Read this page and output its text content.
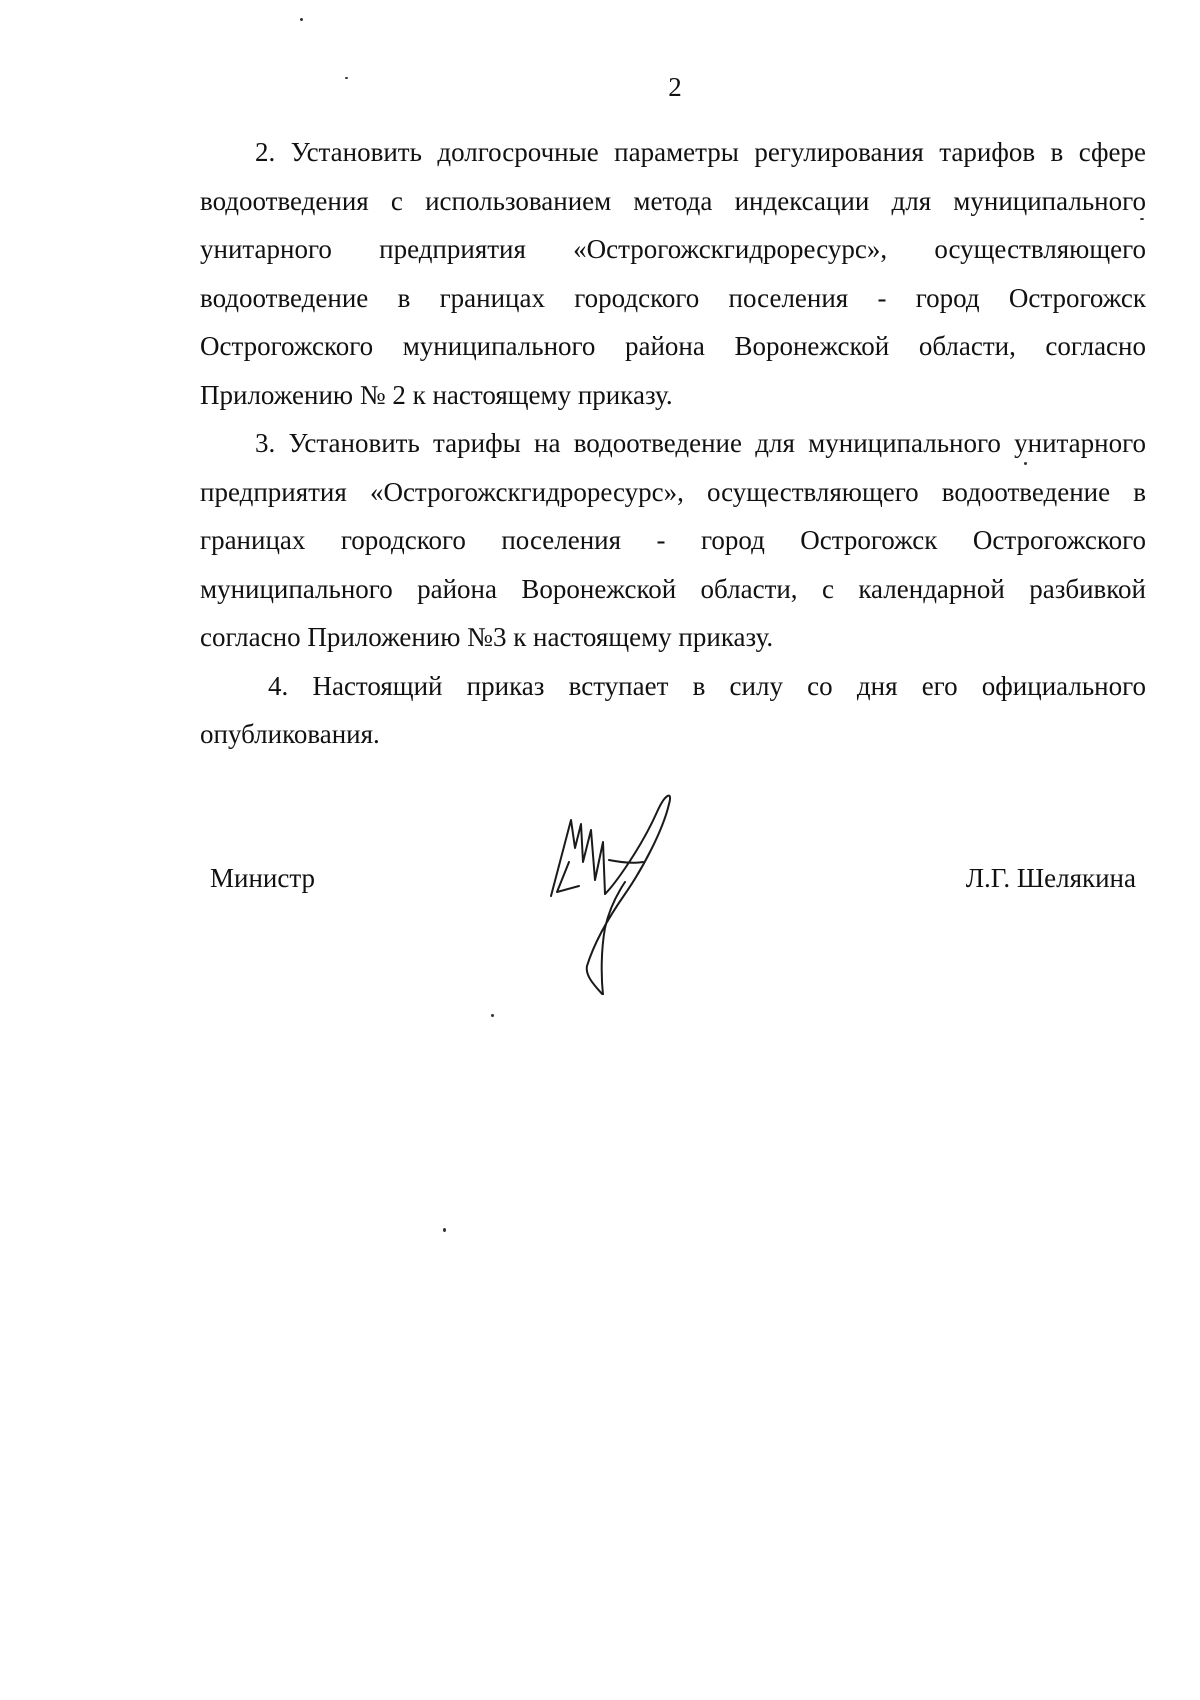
2

2. Установить долгосрочные параметры регулирования тарифов в сфере водоотведения с использованием метода индексации для муниципального унитарного предприятия «Острогожскгидроресурс», осуществляющего водоотведение в границах городского поселения - город Острогожск Острогожского муниципального района Воронежской области, согласно Приложению № 2 к настоящему приказу.

3. Установить тарифы на водоотведение для муниципального унитарного предприятия «Острогожскгидроресурс», осуществляющего водоотведение в границах городского поселения - город Острогожск Острогожского муниципального района Воронежской области, с календарной разбивкой согласно Приложению №3 к настоящему приказу.

4. Настоящий приказ вступает в силу со дня его официального опубликования.

Министр	Л.Г. Шелякина
